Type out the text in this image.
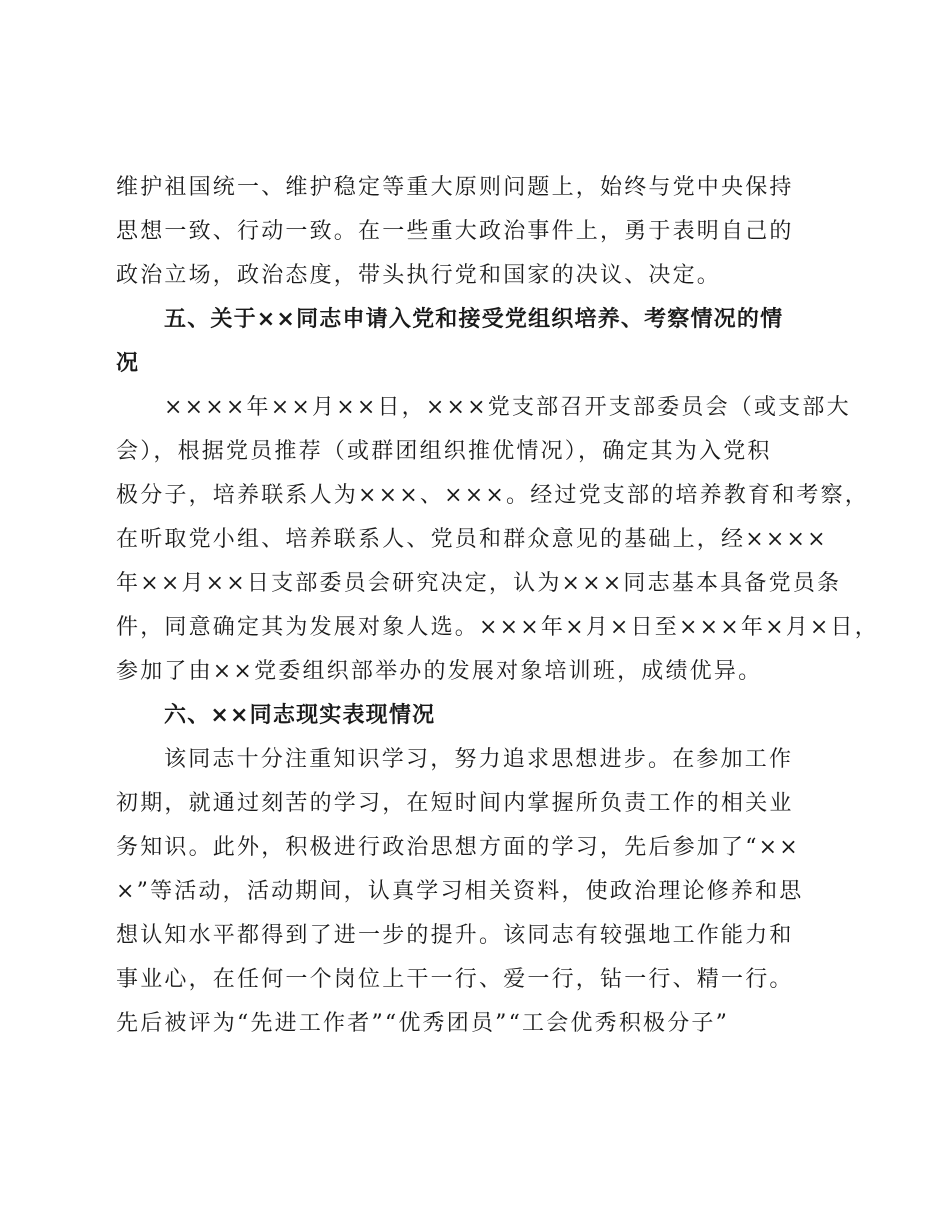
维护祖国统一、维护稳定等重大原则问题上，始终与党中央保持
思想一致、行动一致。在一些重大政治事件上，勇于表明自己的
政治立场，政治态度，带头执行党和国家的决议、决定。
五、关于××同志申请入党和接受党组织培养、考察情况的情
况
××××年××月××日，×××党支部召开支部委员会（或支部大
会），根据党员推荐（或群团组织推优情况），确定其为入党积
极分子，培养联系人为×××、×××。经过党支部的培养教育和考察，
在听取党小组、培养联系人、党员和群众意见的基础上，经××××
年××月××日支部委员会研究决定，认为×××同志基本具备党员条
件，同意确定其为发展对象人选。×××年×月×日至×××年×月×日，
参加了由××党委组织部举办的发展对象培训班，成绩优异。
六、××同志现实表现情况
该同志十分注重知识学习，努力追求思想进步。在参加工作
初期，就通过刻苦的学习，在短时间内掌握所负责工作的相关业
务知识。此外，积极进行政治思想方面的学习，先后参加了“××
×”等活动，活动期间，认真学习相关资料，使政治理论修养和思
想认知水平都得到了进一步的提升。该同志有较强地工作能力和
事业心，在任何一个岗位上干一行、爱一行，钻一行、精一行。
先后被评为“先进工作者”“优秀团员”“工会优秀积极分子”
